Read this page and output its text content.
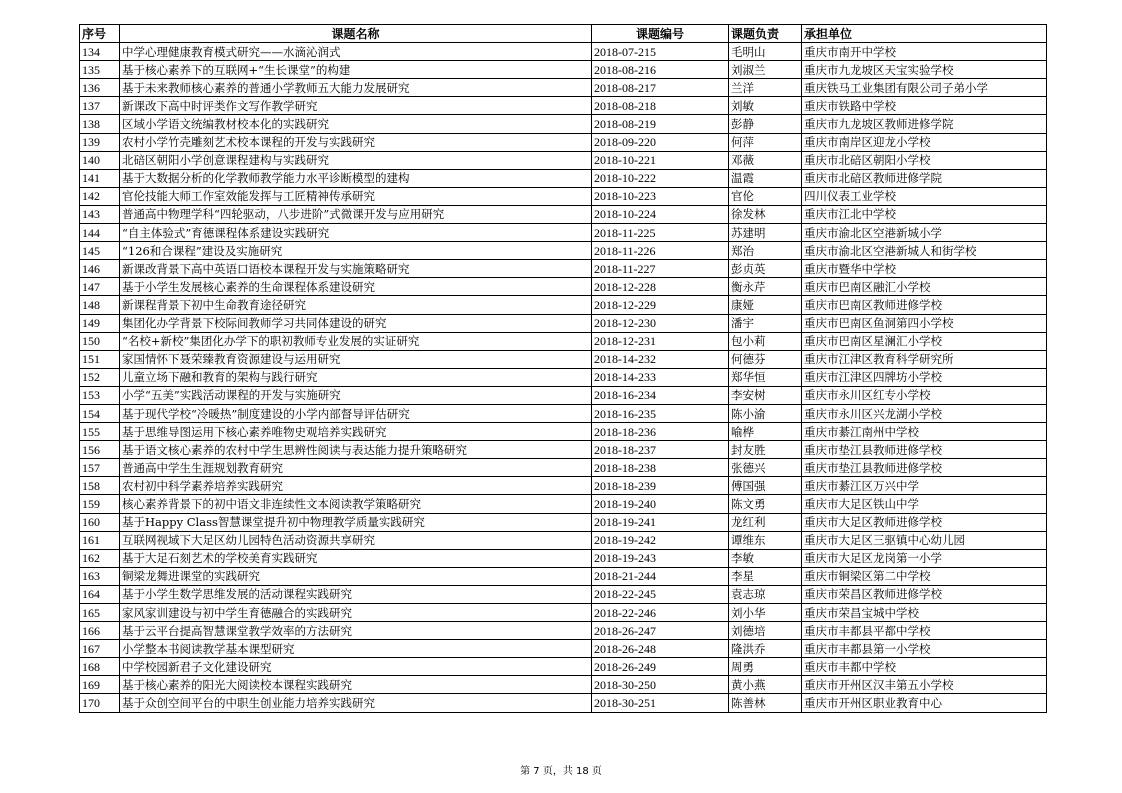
序号	课题名称	课题编号	课题负责	承担单位
134	中学心理健康教育模式研究——水滴沁润式	2018-07-215	毛明山	重庆市南开中学校
135	基于核心素养下的互联网+“生长课堂”的构建	2018-08-216	刘淑兰	重庆市九龙坡区天宝实验学校
136	基于未来教师核心素养的普通小学教师五大能力发展研究	2018-08-217	兰洋	重庆铁马工业集团有限公司子弟小学
137	新课改下高中时评类作文写作教学研究	2018-08-218	刘敏	重庆市铁路中学校
138	区域小学语文统编教材校本化的实践研究	2018-08-219	彭静	重庆市九龙坡区教师进修学院
139	农村小学竹壳雕刻艺术校本课程的开发与实践研究	2018-09-220	何萍	重庆市南岸区迎龙小学校
140	北碚区朝阳小学创意课程建构与实践研究	2018-10-221	邓薇	重庆市北碚区朝阳小学校
141	基于大数据分析的化学教师教学能力水平诊断模型的建构	2018-10-222	温霞	重庆市北碚区教师进修学院
142	官伦技能大师工作室效能发挥与工匠精神传承研究	2018-10-223	官伦	四川仪表工业学校
143	普通高中物理学科“四轮驱动，八步进阶”式微课开发与应用研究	2018-10-224	徐发林	重庆市江北中学校
144	“自主体验式”育德课程体系建设实践研究	2018-11-225	苏建明	重庆市渝北区空港新城小学
145	“126和合课程”建设及实施研究	2018-11-226	郑治	重庆市渝北区空港新城人和街学校
146	新课改背景下高中英语口语校本课程开发与实施策略研究	2018-11-227	彭贞英	重庆市暨华中学校
147	基于小学生发展核心素养的生命课程体系建设研究	2018-12-228	衡永芹	重庆市巴南区融汇小学校
148	新课程背景下初中生命教育途径研究	2018-12-229	康娅	重庆市巴南区教师进修学校
149	集团化办学背景下校际间教师学习共同体建设的研究	2018-12-230	潘宇	重庆市巴南区鱼洞第四小学校
150	“名校+新校”集团化办学下的职初教师专业发展的实证研究	2018-12-231	包小莉	重庆市巴南区星澜汇小学校
151	家国情怀下聂荣臻教育资源建设与运用研究	2018-14-232	何德芬	重庆市江津区教育科学研究所
152	儿童立场下融和教育的架构与践行研究	2018-14-233	郑华恒	重庆市江津区四牌坊小学校
153	小学“五美”实践活动课程的开发与实施研究	2018-16-234	李安树	重庆市永川区红专小学校
154	基于现代学校“冷暖热”制度建设的小学内部督导评估研究	2018-16-235	陈小渝	重庆市永川区兴龙湖小学校
155	基于思维导图运用下核心素养唯物史观培养实践研究	2018-18-236	喻桦	重庆市綦江南州中学校
156	基于语文核心素养的农村中学生思辨性阅读与表达能力提升策略研究	2018-18-237	封友胜	重庆市垫江县教师进修学校
157	普通高中学生生涯规划教育研究	2018-18-238	张德兴	重庆市垫江县教师进修学校
158	农村初中科学素养培养实践研究	2018-18-239	傅国强	重庆市綦江区万兴中学
159	核心素养背景下的初中语文非连续性文本阅读教学策略研究	2018-19-240	陈文勇	重庆市大足区铁山中学
160	基于Happy Class智慧课堂提升初中物理教学质量实践研究	2018-19-241	龙红利	重庆市大足区教师进修学校
161	互联网视域下大足区幼儿园特色活动资源共享研究	2018-19-242	谭维东	重庆市大足区三驱镇中心幼儿园
162	基于大足石刻艺术的学校美育实践研究	2018-19-243	李敏	重庆市大足区龙岗第一小学
163	铜梁龙舞进课堂的实践研究	2018-21-244	李星	重庆市铜梁区第二中学校
164	基于小学生数学思维发展的活动课程实践研究	2018-22-245	袁志琼	重庆市荣昌区教师进修学校
165	家风家训建设与初中学生育德融合的实践研究	2018-22-246	刘小华	重庆市荣昌宝城中学校
166	基于云平台提高智慧课堂教学效率的方法研究	2018-26-247	刘德培	重庆市丰都县平都中学校
167	小学整本书阅读教学基本课型研究	2018-26-248	隆洪乔	重庆市丰都县第一小学校
168	中学校园新君子文化建设研究	2018-26-249	周勇	重庆市丰都中学校
169	基于核心素养的阳光大阅读校本课程实践研究	2018-30-250	黄小燕	重庆市开州区汉丰第五小学校
170	基于众创空间平台的中职生创业能力培养实践研究	2018-30-251	陈善林	重庆市开州区职业教育中心
第 7 页，共 18 页
